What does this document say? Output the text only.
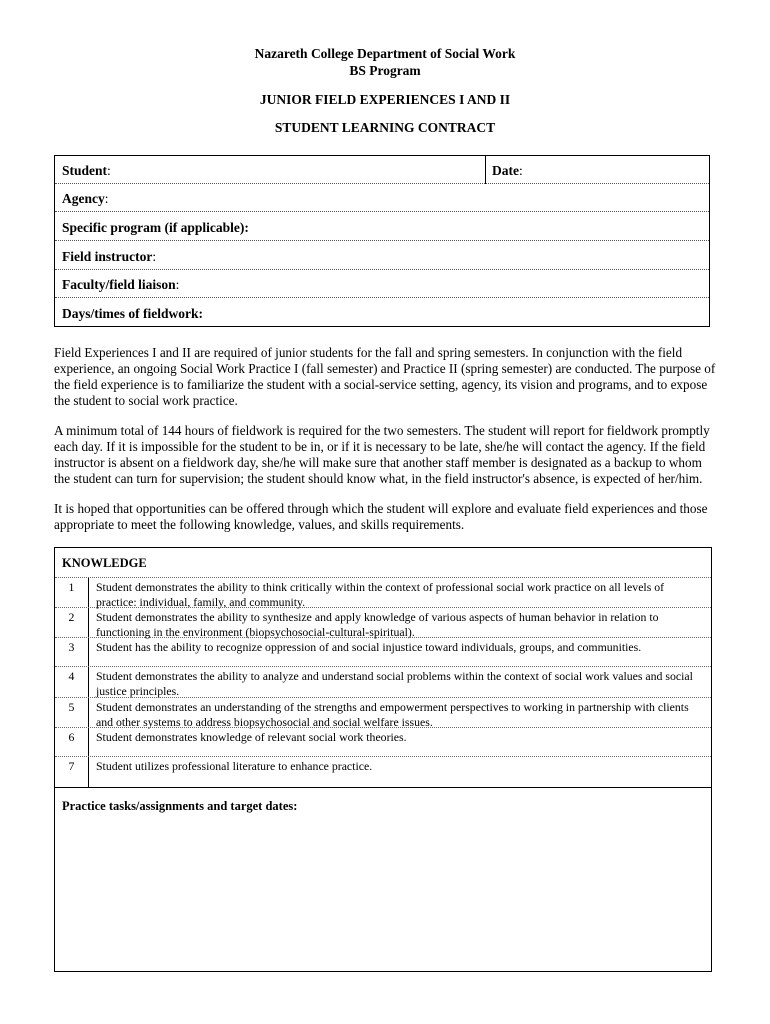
Nazareth College Department of Social Work
BS Program
JUNIOR FIELD EXPERIENCES I AND II
STUDENT LEARNING CONTRACT
Student:	Date:
Agency:
Specific program (if applicable):
Field instructor:
Faculty/field liaison:
Days/times of fieldwork:

Field Experiences I and II are required of junior students for the fall and spring semesters. In conjunction with the field experience, an ongoing Social Work Practice I (fall semester) and Practice II (spring semester) are conducted. The purpose of the field experience is to familiarize the student with a social-service setting, agency, its vision and programs, and to expose the student to social work practice.

A minimum total of 144 hours of fieldwork is required for the two semesters. The student will report for fieldwork promptly each day. If it is impossible for the student to be in, or if it is necessary to be late, she/he will contact the agency. If the field instructor is absent on a fieldwork day, she/he will make sure that another staff member is designated as a backup to whom the student can turn for supervision; the student should know what, in the field instructor's absence, is expected of her/him.

It is hoped that opportunities can be offered through which the student will explore and evaluate field experiences and those appropriate to meet the following knowledge, values, and skills requirements.

KNOWLEDGE
1	Student demonstrates the ability to think critically within the context of professional social work practice on all levels of practice: individual, family, and community.
2	Student demonstrates the ability to synthesize and apply knowledge of various aspects of human behavior in relation to functioning in the environment (biopsychosocial-cultural-spiritual).
3	Student has the ability to recognize oppression of and social injustice toward individuals, groups, and communities.
4	Student demonstrates the ability to analyze and understand social problems within the context of social work values and social justice principles.
5	Student demonstrates an understanding of the strengths and empowerment perspectives to working in partnership with clients and other systems to address biopsychosocial and social welfare issues.
6	Student demonstrates knowledge of relevant social work theories.
7	Student utilizes professional literature to enhance practice.
Practice tasks/assignments and target dates:
